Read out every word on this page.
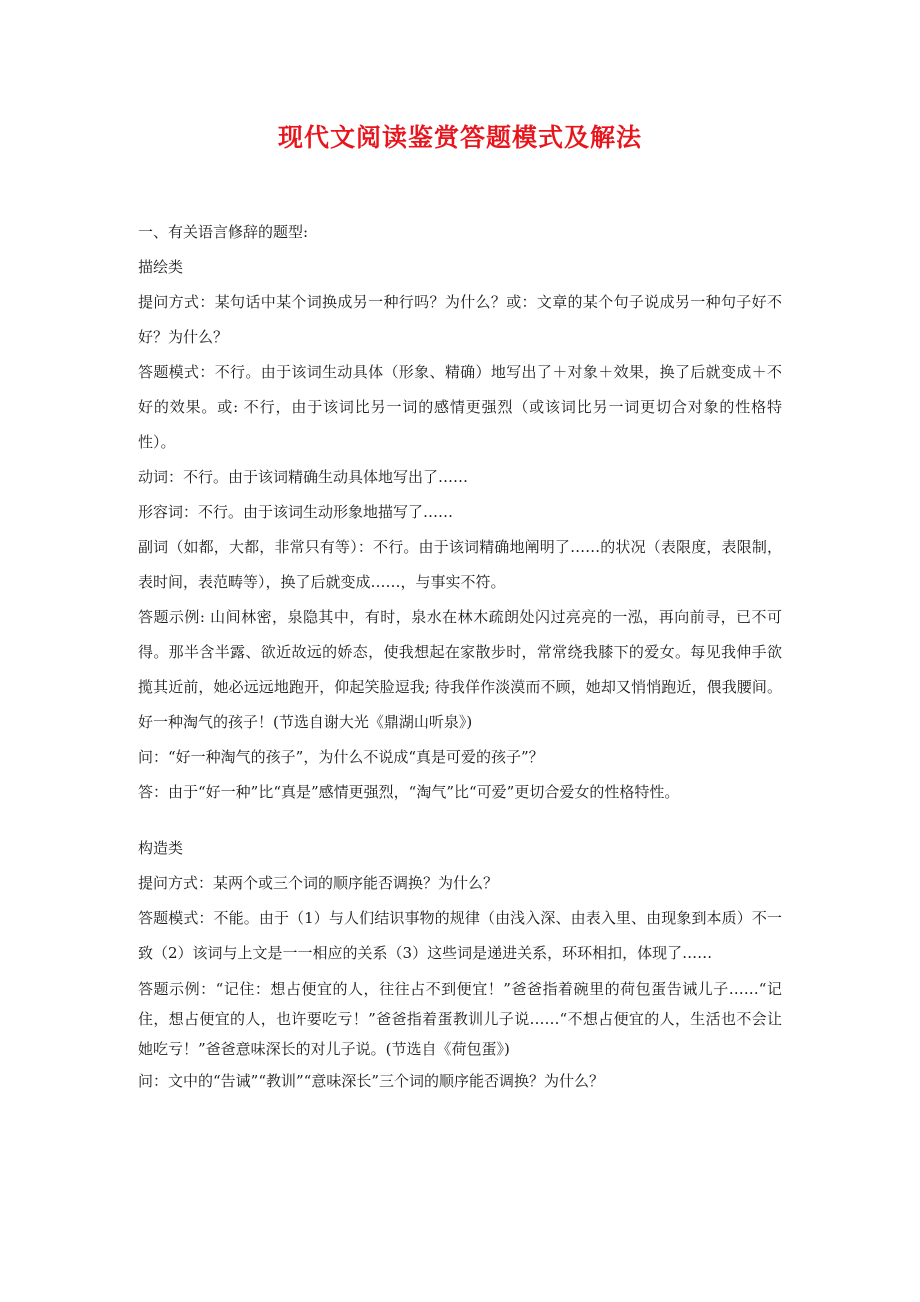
现代文阅读鉴赏答题模式及解法

一、有关语言修辞的题型:

描绘类

提问方式：某句话中某个词换成另一种行吗？为什么？或：文章的某个句子说成另一种句子好不好？为什么？

答题模式：不行。由于该词生动具体（形象、精确）地写出了＋对象＋效果，换了后就变成＋不好的效果。或: 不行，由于该词比另一词的感情更强烈（或该词比另一词更切合对象的性格特性）。

动词：不行。由于该词精确生动具体地写出了……

形容词：不行。由于该词生动形象地描写了……

副词（如都，大都，非常只有等）：不行。由于该词精确地阐明了……的状况（表限度，表限制，表时间，表范畴等），换了后就变成……，与事实不符。

答题示例: 山间林密，泉隐其中，有时，泉水在林木疏朗处闪过亮亮的一泓，再向前寻，已不可得。那半含半露、欲近故远的娇态，使我想起在家散步时，常常绕我膝下的爱女。每见我伸手欲揽其近前，她必远远地跑开，仰起笑脸逗我; 待我佯作淡漠而不顾，她却又悄悄跑近，偎我腰间。好一种淘气的孩子！(节选自谢大光《鼎湖山听泉》)

问：“好一种淘气的孩子”，为什么不说成“真是可爱的孩子”？

答：由于“好一种”比“真是”感情更强烈，“淘气”比“可爱”更切合爱女的性格特性。

构造类

提问方式：某两个或三个词的顺序能否调换？为什么？

答题模式：不能。由于（1）与人们结识事物的规律（由浅入深、由表入里、由现象到本质）不一致（2）该词与上文是一一相应的关系（3）这些词是递进关系，环环相扣，体现了……

答题示例：“记住：想占便宜的人，往往占不到便宜！”爸爸指着碗里的荷包蛋告诫儿子……“记住，想占便宜的人，也许要吃亏！”爸爸指着蛋教训儿子说……“不想占便宜的人，生活也不会让她吃亏！”爸爸意味深长的对儿子说。(节选自《荷包蛋》)

问：文中的“告诫”“教训”“意味深长”三个词的顺序能否调换？为什么？
